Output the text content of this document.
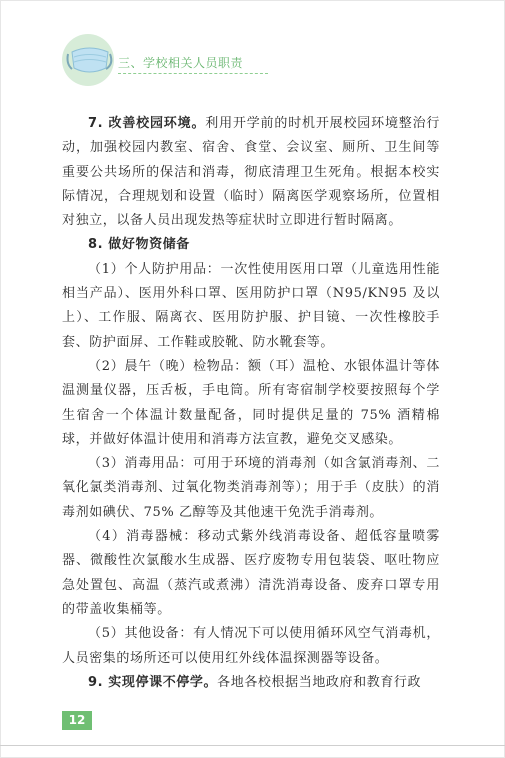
三、学校相关人员职责

7. 改善校园环境。利用开学前的时机开展校园环境整治行动，加强校园内教室、宿舍、食堂、会议室、厕所、卫生间等重要公共场所的保洁和消毒，彻底清理卫生死角。根据本校实际情况，合理规划和设置（临时）隔离医学观察场所，位置相对独立，以备人员出现发热等症状时立即进行暂时隔离。

8. 做好物资储备

（1）个人防护用品：一次性使用医用口罩（儿童选用性能相当产品）、医用外科口罩、医用防护口罩（N95/KN95 及以上）、工作服、隔离衣、医用防护服、护目镜、一次性橡胶手套、防护面屏、工作鞋或胶靴、防水靴套等。

（2）晨午（晚）检物品：额（耳）温枪、水银体温计等体温测量仪器，压舌板，手电筒。所有寄宿制学校要按照每个学生宿舍一个体温计数量配备，同时提供足量的 75% 酒精棉球，并做好体温计使用和消毒方法宣教，避免交叉感染。

（3）消毒用品：可用于环境的消毒剂（如含氯消毒剂、二氧化氯类消毒剂、过氧化物类消毒剂等）；用于手（皮肤）的消毒剂如碘伏、75% 乙醇等及其他速干免洗手消毒剂。

（4）消毒器械：移动式紫外线消毒设备、超低容量喷雾器、微酸性次氯酸水生成器、医疗废物专用包装袋、呕吐物应急处置包、高温（蒸汽或煮沸）清洗消毒设备、废弃口罩专用的带盖收集桶等。

（5）其他设备：有人情况下可以使用循环风空气消毒机，人员密集的场所还可以使用红外线体温探测器等设备。

9. 实现停课不停学。各地各校根据当地政府和教育行政

12
